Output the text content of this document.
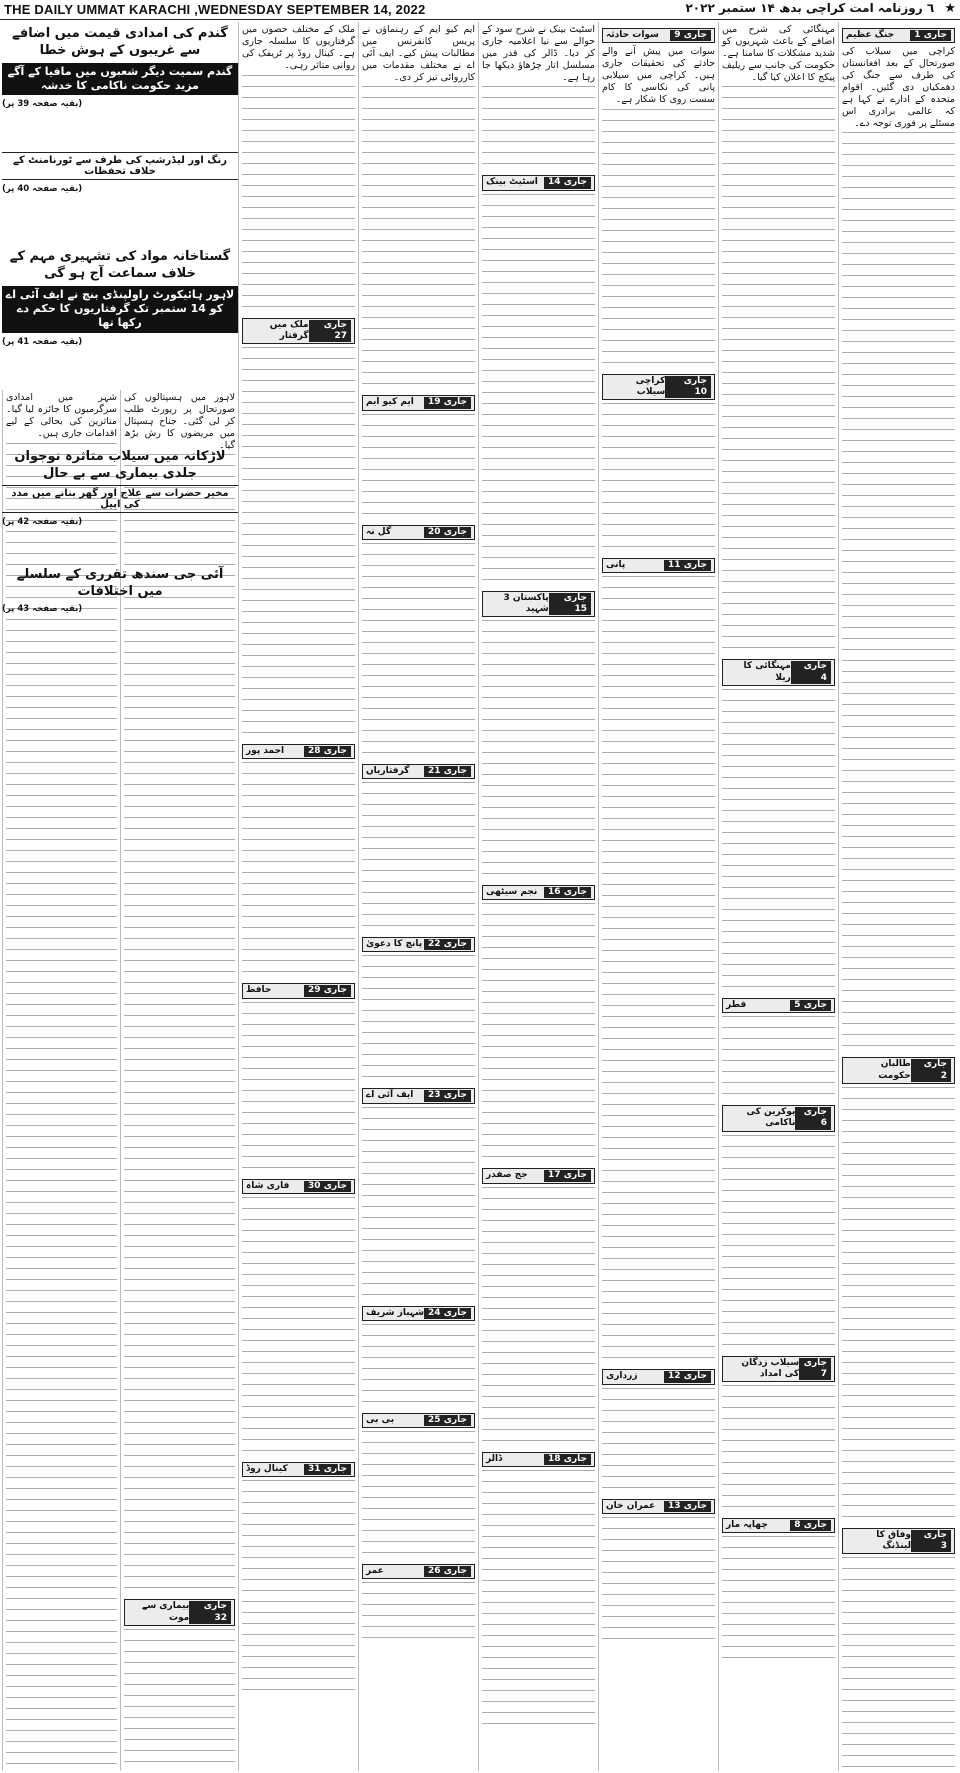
THE DAILY UMMAT KARACHI ,WEDNESDAY SEPTEMBER 14, 2022	★ ٦ روزنامہ امت کراچی بدھ ۱۴ ستمبر ۲۰۲۲
جاری 1
جنگ عظیم

کراچی میں سیلاب کی صورتحال کے بعد افغانستان کی طرف سے جنگ کی دھمکیاں دی گئیں۔ اقوام متحدہ کے ادارے نے کہا ہے کہ عالمی برادری اس مسئلے پر فوری توجہ دے۔

جاری 2
طالبان حکومت
جاری 3
وفاق کا لینڈنگ

مہنگائی کی شرح میں اضافے کے باعث شہریوں کو شدید مشکلات کا سامنا ہے۔ حکومت کی جانب سے ریلیف پیکج کا اعلان کیا گیا۔

جاری 4
مہنگائی کا ریلا
جاری 5
قطر
جاری 6
یوکرین کی ناکامی
جاری 7
سیلاب زدگان کی امداد
جاری 8
چھاپہ مار
جاری 9
سوات حادثہ

سوات میں پیش آنے والے حادثے کی تحقیقات جاری ہیں۔ کراچی میں سیلابی پانی کی نکاسی کا کام سست روی کا شکار ہے۔

جاری 10
کراچی سیلاب
جاری 11
پانی
جاری 12
زرداری
جاری 13
عمران خان

اسٹیٹ بینک نے شرح سود کے حوالے سے نیا اعلامیہ جاری کر دیا۔ ڈالر کی قدر میں مسلسل اتار چڑھاؤ دیکھا جا رہا ہے۔

جاری 14
اسٹیٹ بینک
جاری 15
پاکستان 3 شہید
جاری 16
نجم سیٹھی
جاری 17
جج صفدر
جاری 18
ڈالر

ایم کیو ایم کے رہنماؤں نے پریس کانفرنس میں مطالبات پیش کیے۔ ایف آئی اے نے مختلف مقدمات میں کارروائی تیز کر دی۔

جاری 19
ایم کیو ایم
جاری 20
گل نہ
جاری 21
گرفتاریاں
جاری 22
پانچ کا دعویٰ
جاری 23
ایف آئی اے
جاری 24
شہباز شریف
جاری 25
بی بی
جاری 26
عمر

ملک کے مختلف حصوں میں گرفتاریوں کا سلسلہ جاری ہے۔ کینال روڈ پر ٹریفک کی روانی متاثر رہی۔

جاری 27
ملک میں گرفتار
جاری 28
احمد پور
جاری 29
حافظ
جاری 30
قاری شاہ
جاری 31
کینال روڈ

لاہور میں ہسپتالوں کی صورتحال پر رپورٹ طلب کر لی گئی۔ جناح ہسپتال میں مریضوں کا رش بڑھ گیا۔

جاری 32
بیماری سے موت

شہر میں امدادی سرگرمیوں کا جائزہ لیا گیا۔ متاثرین کی بحالی کے لیے اقدامات جاری ہیں۔

گندم کی امدادی قیمت میں اضافے سے غریبوں کے ہوش خطا
گندم سمیت دیگر شعبوں میں مافیا کے آگے مزید حکومت ناکامی کا خدشہ
(بقیہ صفحہ 39 پر)
رنگ اور لیڈرشپ کی طرف سے ٹورنامنٹ کے خلاف تحفظات
(بقیہ صفحہ 40 پر)
گستاخانہ مواد کی تشہیری مہم کے خلاف سماعت آج ہو گی
لاہور ہائیکورٹ راولپنڈی بنچ نے ایف آئی اے کو 14 ستمبر تک گرفتاریوں کا حکم دے رکھا تھا
(بقیہ صفحہ 41 پر)
لاڑکانہ میں سیلاب متاثرہ نوجوان جلدی بیماری سے بے حال
مخیر حضرات سے علاج اور گھر بنانے میں مدد کی اپیل
(بقیہ صفحہ 42 پر)
آئی جی سندھ تقرری کے سلسلے میں اختلافات
(بقیہ صفحہ 43 پر)
